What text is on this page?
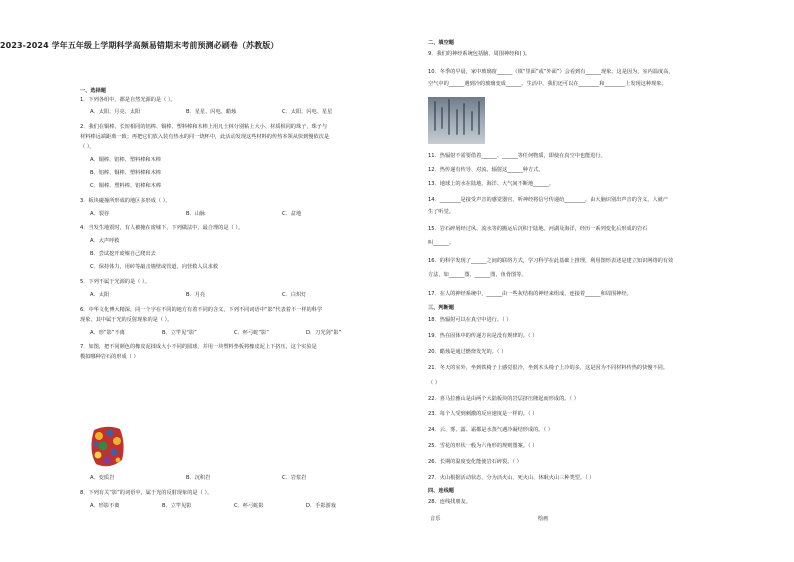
2023-2024 学年五年级上学期科学高频易错期末考前预测必刷卷（苏教版）
一、选择题
1．下列各组中，都是自然光源的是（ ）。
A．太阳、月亮、太阳	B．星星、闪电、蜡烛	C．太阳、闪电、星星
2．我们在铜棒、长短相同的铝棒、铜棒、塑料棒和木棒上用凡士林分别粘上大小、材质相同的珠子，珠子与
材料棒远端距离一致；再把它们放入装有热水的同一烧杯中，此活动发现这些材料的传热本领从快到慢依次是
（ ）。
A．铜棒、铝棒、塑料棒和木棒
B．铝棒、铜棒、塑料棒和木棒
C．铜棒、塑料棒、铝棒和木棒
3．板块碰撞所形成的地区多形成（ ）。
A．裂谷	B．山脉	C．盆地
4．当发生地震时，有人被掩在废墟下，下列做法中，最合理的是（ ）。
A．大声呼救
B．尝试挖开废墟自己爬出去
C．保持体力，用砖等敲击墙壁或管道，向营救人员求救
5．下列不属于光源的是（ ）。
A．太阳	B．月亮	C．白炽灯
6．中华文化博大精深，同一个字在不同的地方有着不同的含义，下列不同词语中“影”代表着不一样的科学
现象，其中属于光的反射现象的是（ ）。
A．形“影”不离	B．立竿见“影”	C．杯弓蛇“影”	D．刀光剑“影”
7．如图，把不同颜色的橡皮泥揉成大小不同的圆球，并用一块塑料垫板将橡皮泥上下挤压，这个实验是
模拟哪种岩石的形成（ ）
A．变质岩	B．沉积岩	C．岩浆岩
8．下列有关“影”的词语中，属于光的反射现象的是（ ）。
A．形影不离	B．立竿见影	C．杯弓蛇影	D．手影游戏
二、填空题
9．我们的神经系统包括脑、周围神经和( )。
10．冬季的早晨，家中玻璃窗______（填“里面”或“外面”）会看到有______现象。这是因为，室内温度高，
空气中的______遇到冷的玻璃变成______。生活中，我们还可以在________和________上发现这种现象。
11．热辐射不需要借着______、______等任何物质，即使在真空中也能进行。
12．热传递有传导、对流、辐射这______种方式。
13．地球上的水在陆地、海洋、大气间不断地______。
14．________是接受声音的感觉器官，听神经将信号传递给________，由大脑识别出声音的含义，人就产
生了听觉。
15．岩石碎屑经过风、流水等的搬运后沉积于陆地、河湖及海洋，经历一系列变化后形成的岩石
叫______。
16．的科学发现了______之间的联络方式，学习科学在此基础上推理，利用图形表述是建立知识网络的有效
方法，如______图、______图、鱼骨图等。
17．在人的神经系统中，______由一些灰结构的神经来组成，连接着______和周围神经。
三、判断题
18．热辐射可以在真空中进行。（ ）
19．热在固体中的传递方向是没有规律的。（ ）
20．蜡烛是通过燃烧发光的。（ ）
21．冬天的室外，坐到铁椅子上感觉很冷，坐到木头椅子上冷的多，这是因为不同材料传热的快慢不同。
（ ）
22．喜马拉雅山是由两个大陆板块的岩层挤压隆起而形成的。（ ）
23．每个人受到刺激的反应速度是一样的。（ ）
24．云、雾、露、霜都是水蒸气遇冷凝结形成的。（ ）
25．雪花的形状一般为六角形的规则图案。（ ）
26．长期的温度变化能使岩石碎裂。（ ）
27．火山根据活动状态，分为活火山、死火山、休眠火山三种类型。（ ）
四、连线题
28．连线找朋友。
音乐	绘画
